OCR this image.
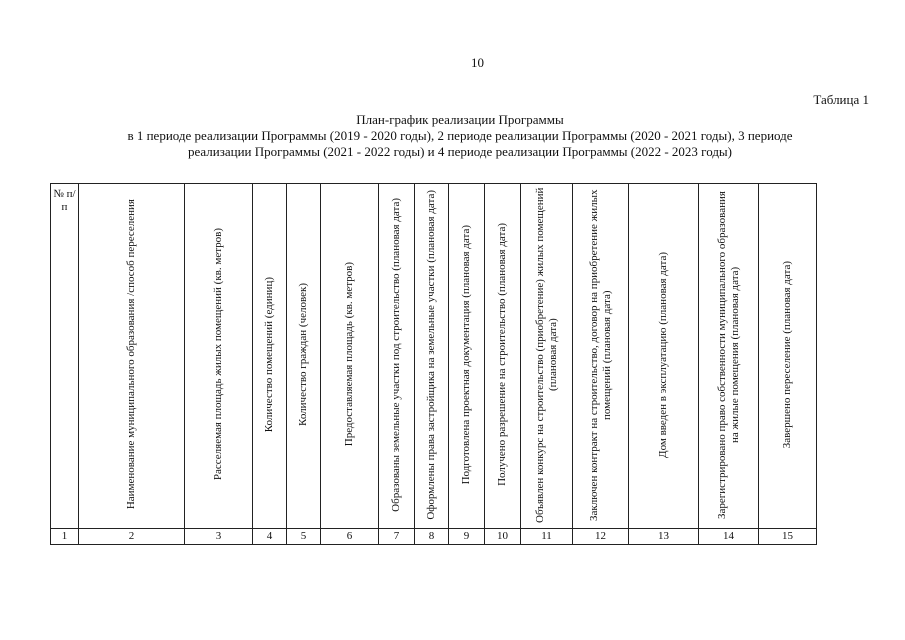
10
Таблица 1
План-график реализации Программы
в 1 периоде реализации Программы (2019 - 2020 годы), 2 периоде реализации Программы (2020 - 2021 годы), 3 периоде
реализации Программы (2021 - 2022 годы) и 4 периоде реализации Программы (2022 - 2023 годы)
№ п/п	Наименование муниципального образования /способ переселения	Расселяемая площадь жилых помещений (кв. метров)	Количество помещений (единиц)	Количество граждан (человек)	Предоставляемая площадь (кв. метров)	Образованы земельные участки под строительство (плановая дата)	Оформлены права застройщика на земельные участки (плановая дата)	Подготовлена проектная документация (плановая дата)	Получено разрешение на строительство (плановая дата)	Объявлен конкурс на строительство (приобретение) жилых помещений (плановая дата)	Заключен контракт на строительство, договор на приобретение жилых помещений (плановая дата)	Дом введен в эксплуатацию (плановая дата)	Зарегистрировано право собственности муниципального образования на жилые помещения (плановая дата)	Завершено переселение (плановая дата)
1	2	3	4	5	6	7	8	9	10	11	12	13	14	15
